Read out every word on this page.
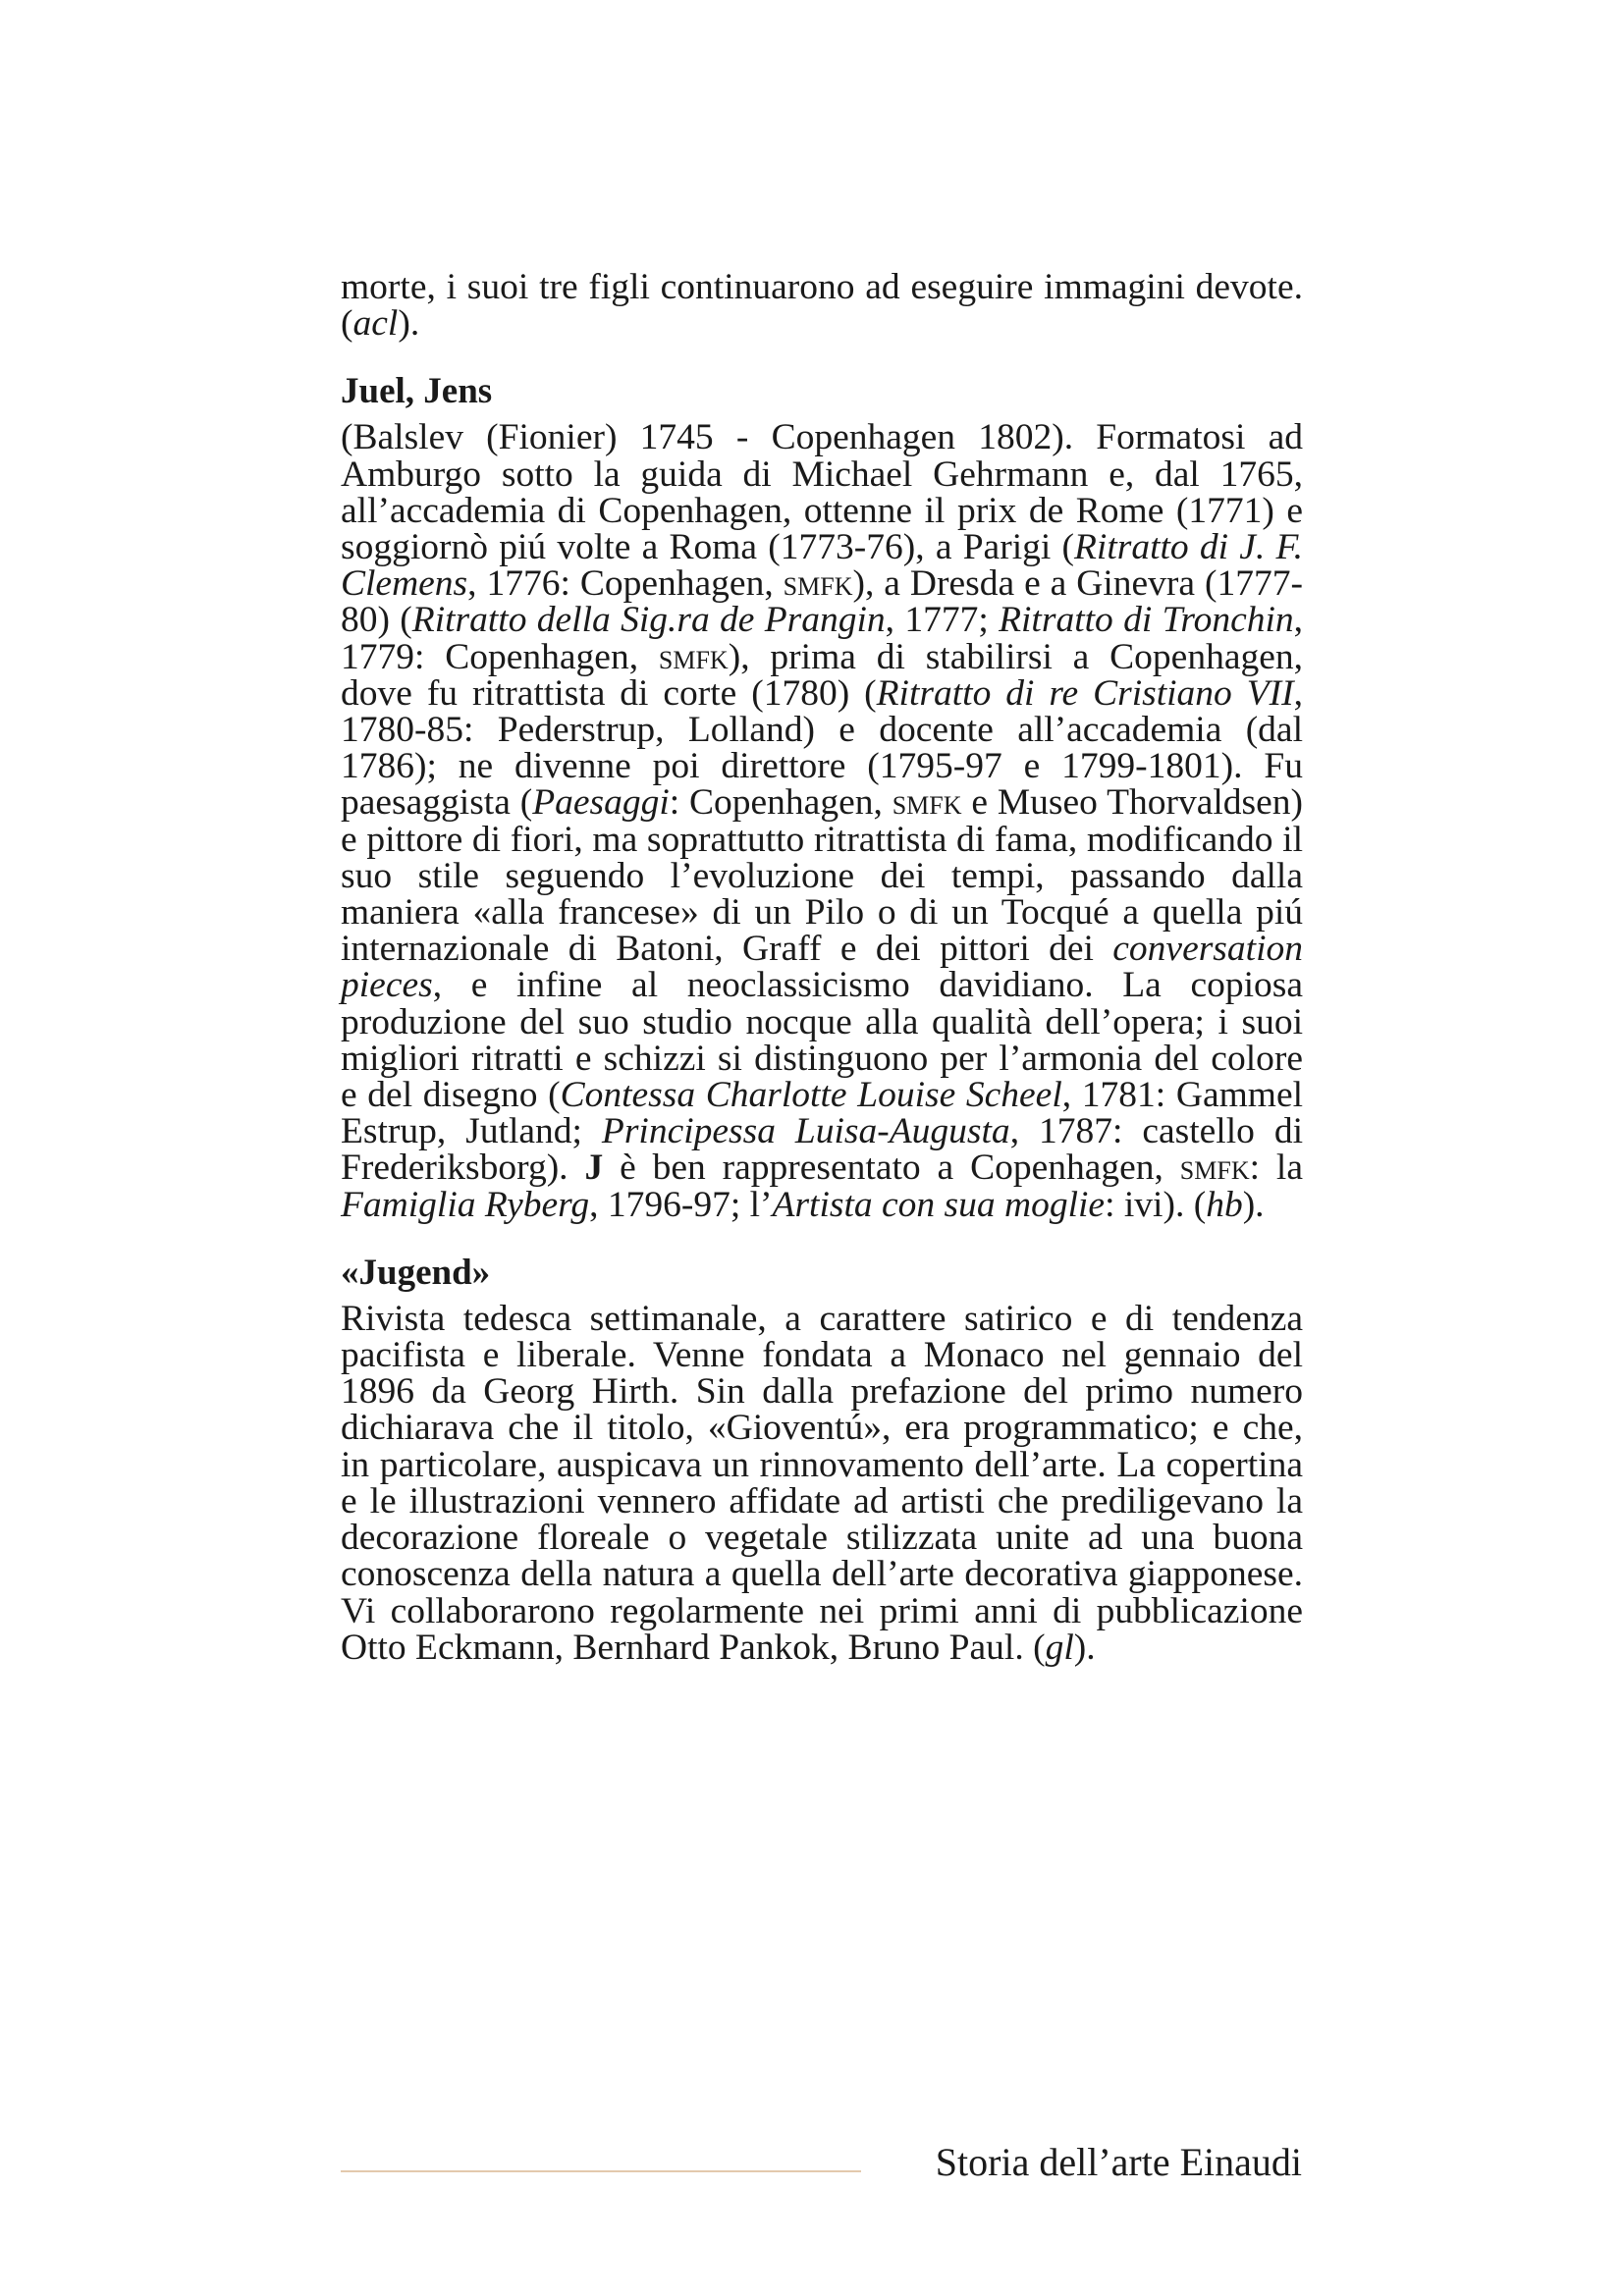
morte, i suoi tre figli continuarono ad eseguire immagini devote. (acl).

Juel, Jens

(Balslev (Fionier) 1745 - Copenhagen 1802). Formatosi ad Amburgo sotto la guida di Michael Gehrmann e, dal 1765, all’accademia di Copenhagen, ottenne il prix de Rome (1771) e soggiornò piú volte a Roma (1773-76), a Parigi (Ritratto di J. F. Clemens, 1776: Copenhagen, smfk), a Dresda e a Ginevra (1777-80) (Ritratto della Sig.ra de Prangin, 1777; Ritratto di Tronchin, 1779: Copenhagen, smfk), prima di stabilirsi a Copenhagen, dove fu ritrattista di corte (1780) (Ritratto di re Cristiano VII, 1780-85: Pederstrup, Lolland) e docente all’accademia (dal 1786); ne divenne poi direttore (1795-97 e 1799-1801). Fu paesaggista (Paesaggi: Copenhagen, smfk e Museo Thorvaldsen) e pittore di fiori, ma soprattutto ritrattista di fama, modificando il suo stile seguendo l’evoluzione dei tempi, passando dalla maniera «alla francese» di un Pilo o di un Tocqué a quella piú internazionale di Batoni, Graff e dei pittori dei conversation pieces, e infine al neoclassicismo davidiano. La copiosa produzione del suo studio nocque alla qualità dell’opera; i suoi migliori ritratti e schizzi si distinguono per l’armonia del colore e del disegno (Contessa Charlotte Louise Scheel, 1781: Gammel Estrup, Jutland; Principessa Luisa-Augusta, 1787: castello di Frederiksborg). J è ben rappresentato a Copenhagen, smfk: la Famiglia Ryberg, 1796-97; l’Artista con sua moglie: ivi). (hb).

«Jugend»

Rivista tedesca settimanale, a carattere satirico e di tendenza pacifista e liberale. Venne fondata a Monaco nel gennaio del 1896 da Georg Hirth. Sin dalla prefazione del primo numero dichiarava che il titolo, «Gioventú», era programmatico; e che, in particolare, auspicava un rinnovamento dell’arte. La copertina e le illustrazioni vennero affidate ad artisti che prediligevano la decorazione floreale o vegetale stilizzata unite ad una buona conoscenza della natura a quella dell’arte decorativa giapponese. Vi collaborarono regolarmente nei primi anni di pubblicazione Otto Eckmann, Bernhard Pankok, Bruno Paul. (gl).

Storia dell’arte Einaudi
